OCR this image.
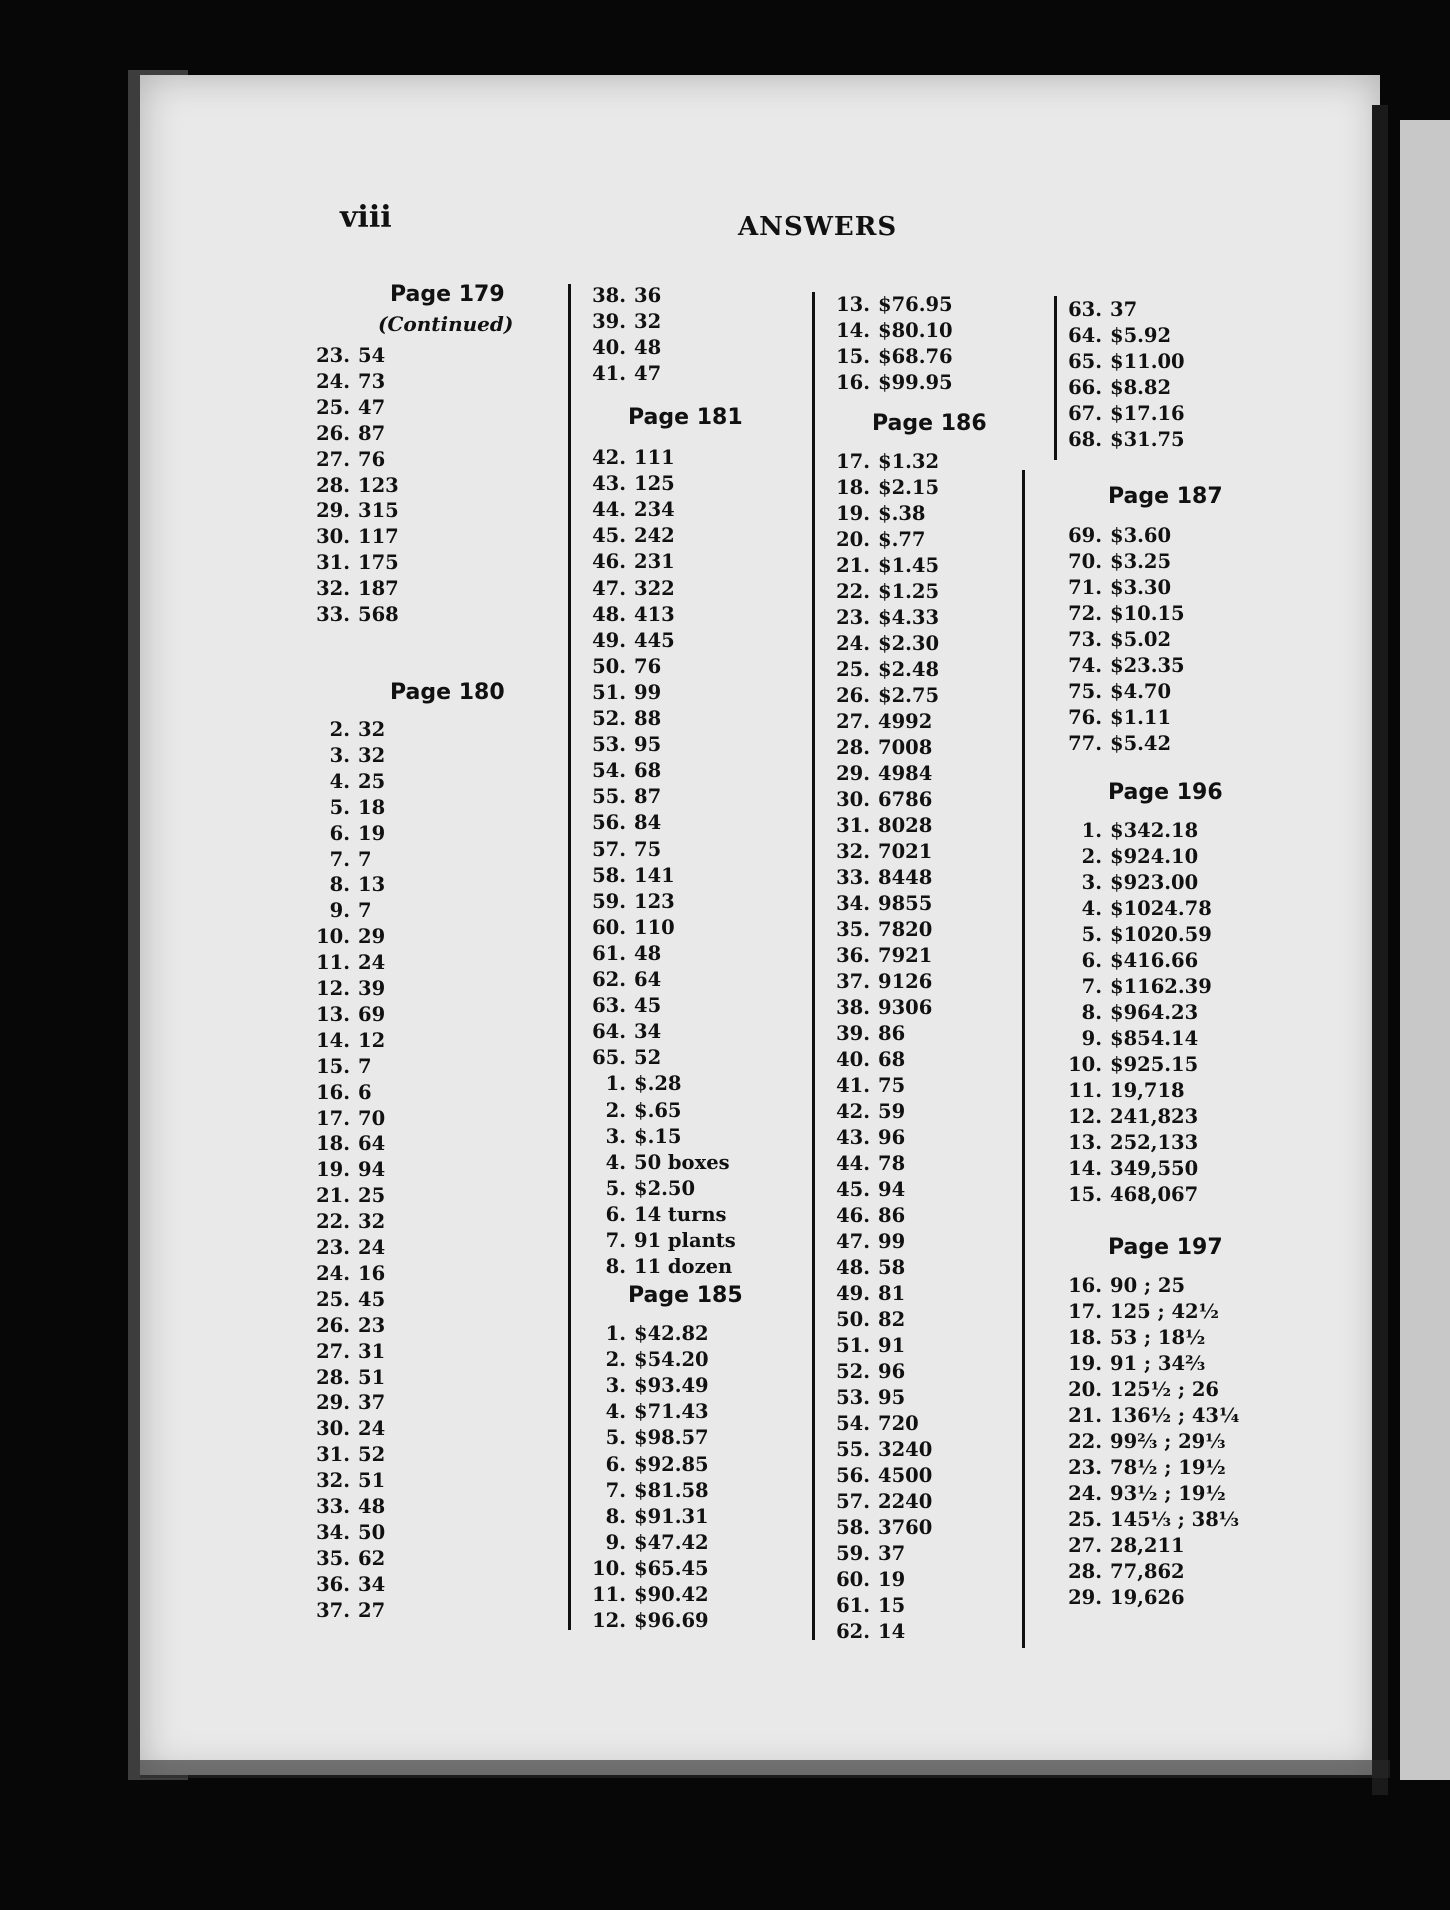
viii	ANSWERS
Page 179
(Continued)
23. 54
24. 73
25. 47
26. 87
27. 76
28. 123
29. 315
30. 117
31. 175
32. 187
33. 568
Page 180
2. 32
3. 32
4. 25
5. 18
6. 19
7. 7
8. 13
9. 7
10. 29
11. 24
12. 39
13. 69
14. 12
15. 7
16. 6
17. 70
18. 64
19. 94
21. 25
22. 32
23. 24
24. 16
25. 45
26. 23
27. 31
28. 51
29. 37
30. 24
31. 52
32. 51
33. 48
34. 50
35. 62
36. 34
37. 27
38. 36
39. 32
40. 48
41. 47
Page 181
42. 111
43. 125
44. 234
45. 242
46. 231
47. 322
48. 413
49. 445
50. 76
51. 99
52. 88
53. 95
54. 68
55. 87
56. 84
57. 75
58. 141
59. 123
60. 110
61. 48
62. 64
63. 45
64. 34
65. 52
1. $.28
2. $.65
3. $.15
4. 50 boxes
5. $2.50
6. 14 turns
7. 91 plants
8. 11 dozen
Page 185
1. $42.82
2. $54.20
3. $93.49
4. $71.43
5. $98.57
6. $92.85
7. $81.58
8. $91.31
9. $47.42
10. $65.45
11. $90.42
12. $96.69
13. $76.95
14. $80.10
15. $68.76
16. $99.95
Page 186
17. $1.32
18. $2.15
19. $.38
20. $.77
21. $1.45
22. $1.25
23. $4.33
24. $2.30
25. $2.48
26. $2.75
27. 4992
28. 7008
29. 4984
30. 6786
31. 8028
32. 7021
33. 8448
34. 9855
35. 7820
36. 7921
37. 9126
38. 9306
39. 86
40. 68
41. 75
42. 59
43. 96
44. 78
45. 94
46. 86
47. 99
48. 58
49. 81
50. 82
51. 91
52. 96
53. 95
54. 720
55. 3240
56. 4500
57. 2240
58. 3760
59. 37
60. 19
61. 15
62. 14
63. 37
64. $5.92
65. $11.00
66. $8.82
67. $17.16
68. $31.75
Page 187
69. $3.60
70. $3.25
71. $3.30
72. $10.15
73. $5.02
74. $23.35
75. $4.70
76. $1.11
77. $5.42
Page 196
1. $342.18
2. $924.10
3. $923.00
4. $1024.78
5. $1020.59
6. $416.66
7. $1162.39
8. $964.23
9. $854.14
10. $925.15
11. 19,718
12. 241,823
13. 252,133
14. 349,550
15. 468,067
Page 197
16. 90 ; 25
17. 125 ; 42½
18. 53 ; 18½
19. 91 ; 34⅔
20. 125½ ; 26
21. 136½ ; 43¼
22. 99⅔ ; 29⅓
23. 78½ ; 19½
24. 93½ ; 19½
25. 145⅓ ; 38⅓
27. 28,211
28. 77,862
29. 19,626
